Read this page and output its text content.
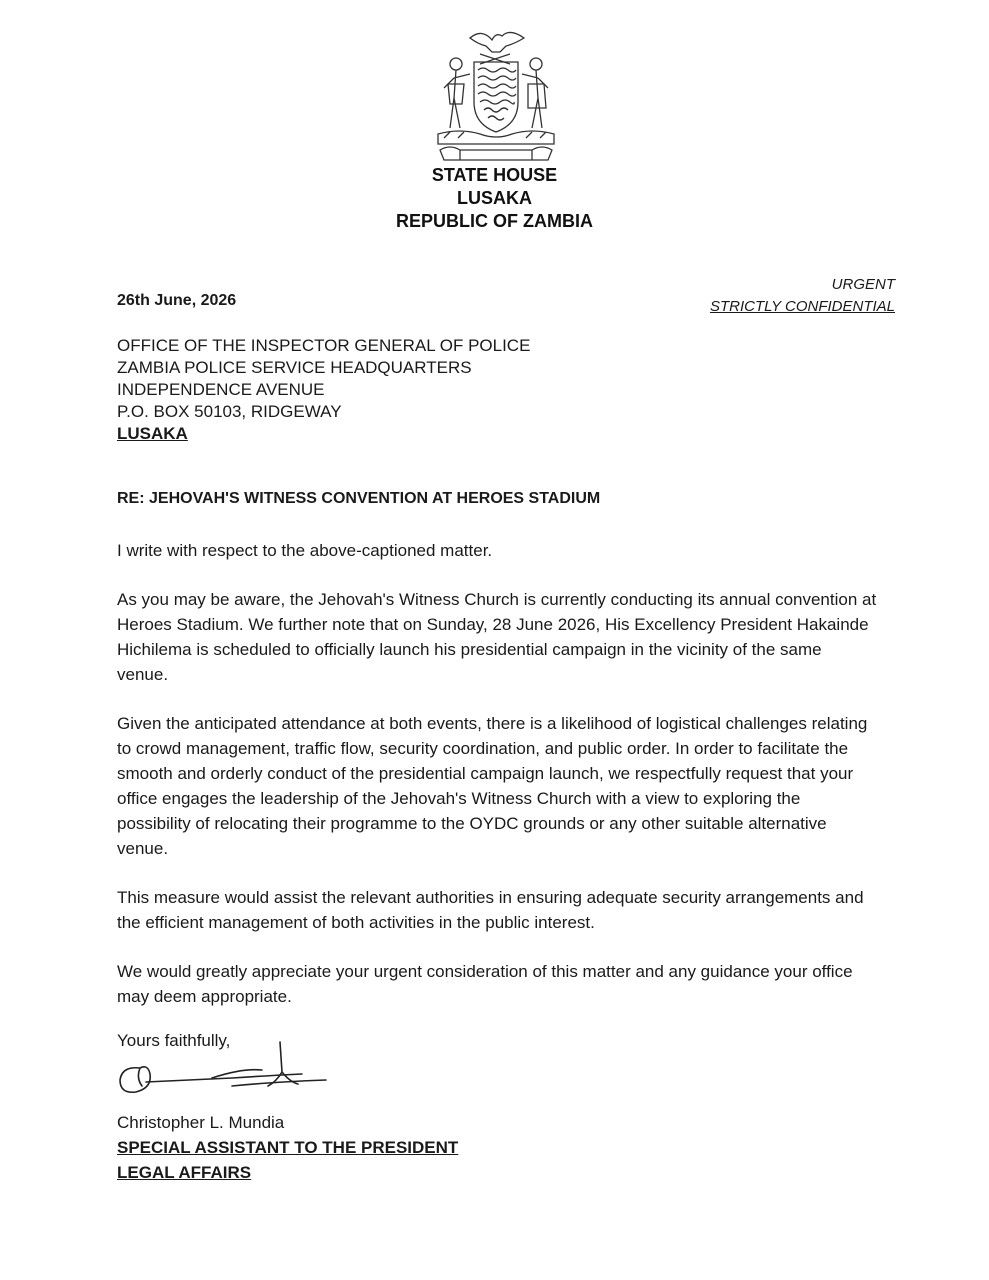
STATE HOUSE
LUSAKA
REPUBLIC OF ZAMBIA
URGENT
STRICTLY CONFIDENTIAL
26th June, 2026
OFFICE OF THE INSPECTOR GENERAL OF POLICE
ZAMBIA POLICE SERVICE HEADQUARTERS
INDEPENDENCE AVENUE
P.O. BOX 50103, RIDGEWAY
LUSAKA
RE: JEHOVAH'S WITNESS CONVENTION AT HEROES STADIUM

I write with respect to the above-captioned matter.

As you may be aware, the Jehovah's Witness Church is currently conducting its annual convention at Heroes Stadium. We further note that on Sunday, 28 June 2026, His Excellency President Hakainde Hichilema is scheduled to officially launch his presidential campaign in the vicinity of the same venue.

Given the anticipated attendance at both events, there is a likelihood of logistical challenges relating to crowd management, traffic flow, security coordination, and public order. In order to facilitate the smooth and orderly conduct of the presidential campaign launch, we respectfully request that your office engages the leadership of the Jehovah's Witness Church with a view to exploring the possibility of relocating their programme to the OYDC grounds or any other suitable alternative venue.

This measure would assist the relevant authorities in ensuring adequate security arrangements and the efficient management of both activities in the public interest.

We would greatly appreciate your urgent consideration of this matter and any guidance your office may deem appropriate.

Yours faithfully,
Christopher L. Mundia
SPECIAL ASSISTANT TO THE PRESIDENT
LEGAL AFFAIRS
